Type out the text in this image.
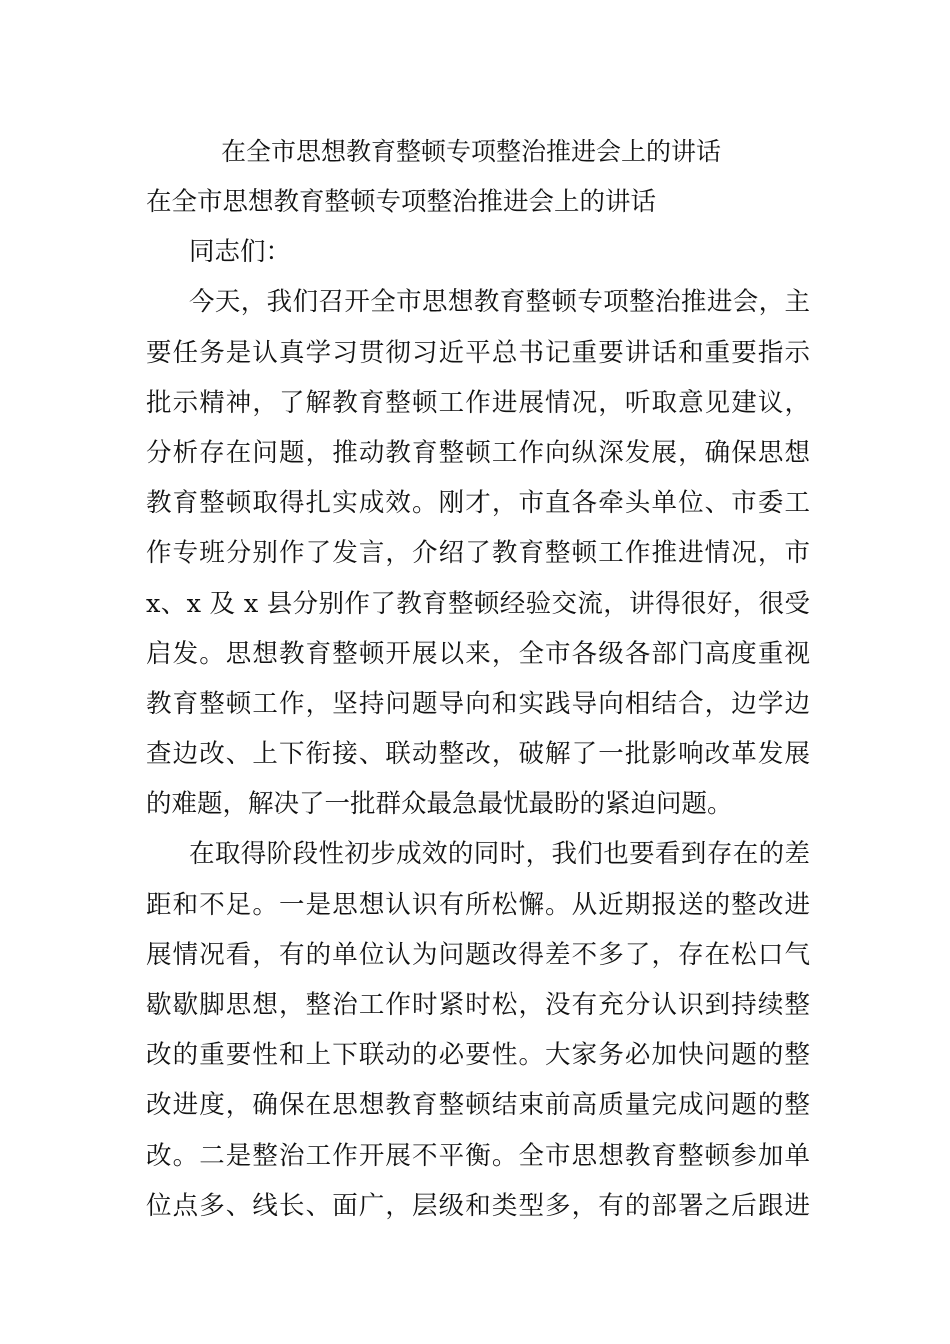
在全市思想教育整顿专项整治推进会上的讲话
在全市思想教育整顿专项整治推进会上的讲话
同志们：
今天，我们召开全市思想教育整顿专项整治推进会，主
要任务是认真学习贯彻习近平总书记重要讲话和重要指示
批示精神，了解教育整顿工作进展情况，听取意见建议，
分析存在问题，推动教育整顿工作向纵深发展，确保思想
教育整顿取得扎实成效。刚才，市直各牵头单位、市委工
作专班分别作了发言，介绍了教育整顿工作推进情况，市
x、x 及 x 县分别作了教育整顿经验交流，讲得很好，很受
启发。思想教育整顿开展以来，全市各级各部门高度重视
教育整顿工作，坚持问题导向和实践导向相结合，边学边
查边改、上下衔接、联动整改，破解了一批影响改革发展
的难题，解决了一批群众最急最忧最盼的紧迫问题。
在取得阶段性初步成效的同时，我们也要看到存在的差
距和不足。一是思想认识有所松懈。从近期报送的整改进
展情况看，有的单位认为问题改得差不多了，存在松口气
歇歇脚思想，整治工作时紧时松，没有充分认识到持续整
改的重要性和上下联动的必要性。大家务必加快问题的整
改进度，确保在思想教育整顿结束前高质量完成问题的整
改。二是整治工作开展不平衡。全市思想教育整顿参加单
位点多、线长、面广，层级和类型多，有的部署之后跟进
